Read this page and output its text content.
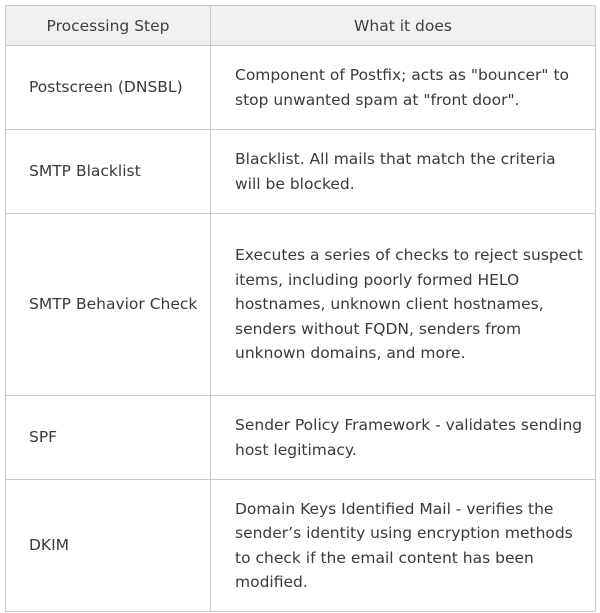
Processing Step	What it does
Postscreen (DNSBL)	Component of Postfix; acts as "bouncer" to stop unwanted spam at "front door".
SMTP Blacklist	Blacklist. All mails that match the criteria will be blocked.
SMTP Behavior Check	Executes a series of checks to reject suspect items, including poorly formed HELO hostnames, unknown client hostnames, senders without FQDN, senders from unknown domains, and more.
SPF	Sender Policy Framework - validates sending host legitimacy.
DKIM	Domain Keys Identified Mail - verifies the sender’s identity using encryption methods to check if the email content has been modified.
